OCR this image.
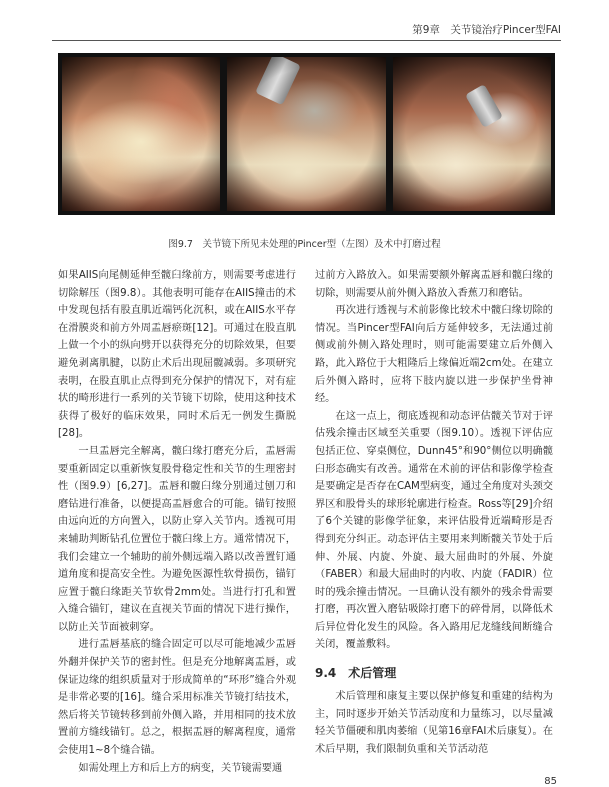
第9章　关节镜治疗Pincer型FAI
图9.7　关节镜下所见未处理的Pincer型（左图）及术中打磨过程

如果AIIS向尾侧延伸至髋臼缘前方，则需要考虑进行切除解压（图9.8）。其他表明可能存在AIIS撞击的术中发现包括有股直肌近端钙化沉积，或在AIIS水平存在滑膜炎和前方外周盂唇瘀斑[12]。可通过在股直肌上做一个小的纵向劈开以获得充分的切除效果，但要避免剥离肌腱，以防止术后出现屈髋减弱。多项研究表明，在股直肌止点得到充分保护的情况下，对有症状的畸形进行一系列的关节镜下切除，使用这种技术获得了极好的临床效果，同时术后无一例发生撕脱[28]。

一旦盂唇完全解离，髋臼缘打磨充分后，盂唇需要重新固定以重新恢复股骨稳定性和关节的生理密封性（图9.9）[6,27]。盂唇和髋臼缘分别通过刨刀和磨钻进行准备，以便提高盂唇愈合的可能。锚钉按照由远向近的方向置入，以防止穿入关节内。透视可用来辅助判断钻孔位置位于髋臼缘上方。通常情况下，我们会建立一个辅助的前外侧远端入路以改善置钉通道角度和提高安全性。为避免医源性软骨损伤，锚钉应置于髋臼缘距关节软骨2mm处。当进行打孔和置入缝合锚钉，建议在直视关节面的情况下进行操作，以防止关节面被刺穿。

进行盂唇基底的缝合固定可以尽可能地减少盂唇外翻并保护关节的密封性。但是充分地解离盂唇，或保证边缘的组织质量对于形成简单的“环形”缝合外观是非常必要的[16]。缝合采用标准关节镜打结技术，然后将关节镜转移到前外侧入路，并用相同的技术放置前方缝线锚钉。总之，根据盂唇的解离程度，通常会使用1~8个缝合锚。

如需处理上方和后上方的病变，关节镜需要通

过前方入路放入。如果需要额外解离盂唇和髋臼缘的切除，则需要从前外侧入路放入香蕉刀和磨钻。

再次进行透视与术前影像比较术中髋臼缘切除的情况。当Pincer型FAI向后方延伸较多，无法通过前侧或前外侧入路处理时，则可能需要建立后外侧入路，此入路位于大粗隆后上缘偏近端2cm处。在建立后外侧入路时，应将下肢内旋以进一步保护坐骨神经。

在这一点上，彻底透视和动态评估髋关节对于评估残余撞击区域至关重要（图9.10）。透视下评估应包括正位、穿桌侧位，Dunn45°和90°侧位以明确髋臼形态确实有改善。通常在术前的评估和影像学检查是要确定是否存在CAM型病变，通过全角度对头颈交界区和股骨头的球形轮廓进行检查。Ross等[29]介绍了6个关键的影像学征象，来评估股骨近端畸形是否得到充分纠正。动态评估主要用来判断髋关节处于后伸、外展、内旋、外旋、最大屈曲时的外展、外旋（FABER）和最大屈曲时的内收、内旋（FADIR）位时的残余撞击情况。一旦确认没有额外的残余骨需要打磨，再次置入磨钻吸除打磨下的碎骨屑，以降低术后异位骨化发生的风险。各入路用尼龙缝线间断缝合关闭，覆盖敷料。

9.4　术后管理

术后管理和康复主要以保护修复和重建的结构为主，同时逐步开始关节活动度和力量练习，以尽量减轻关节僵硬和肌肉萎缩（见第16章FAI术后康复）。在术后早期，我们限制负重和关节活动范

85
